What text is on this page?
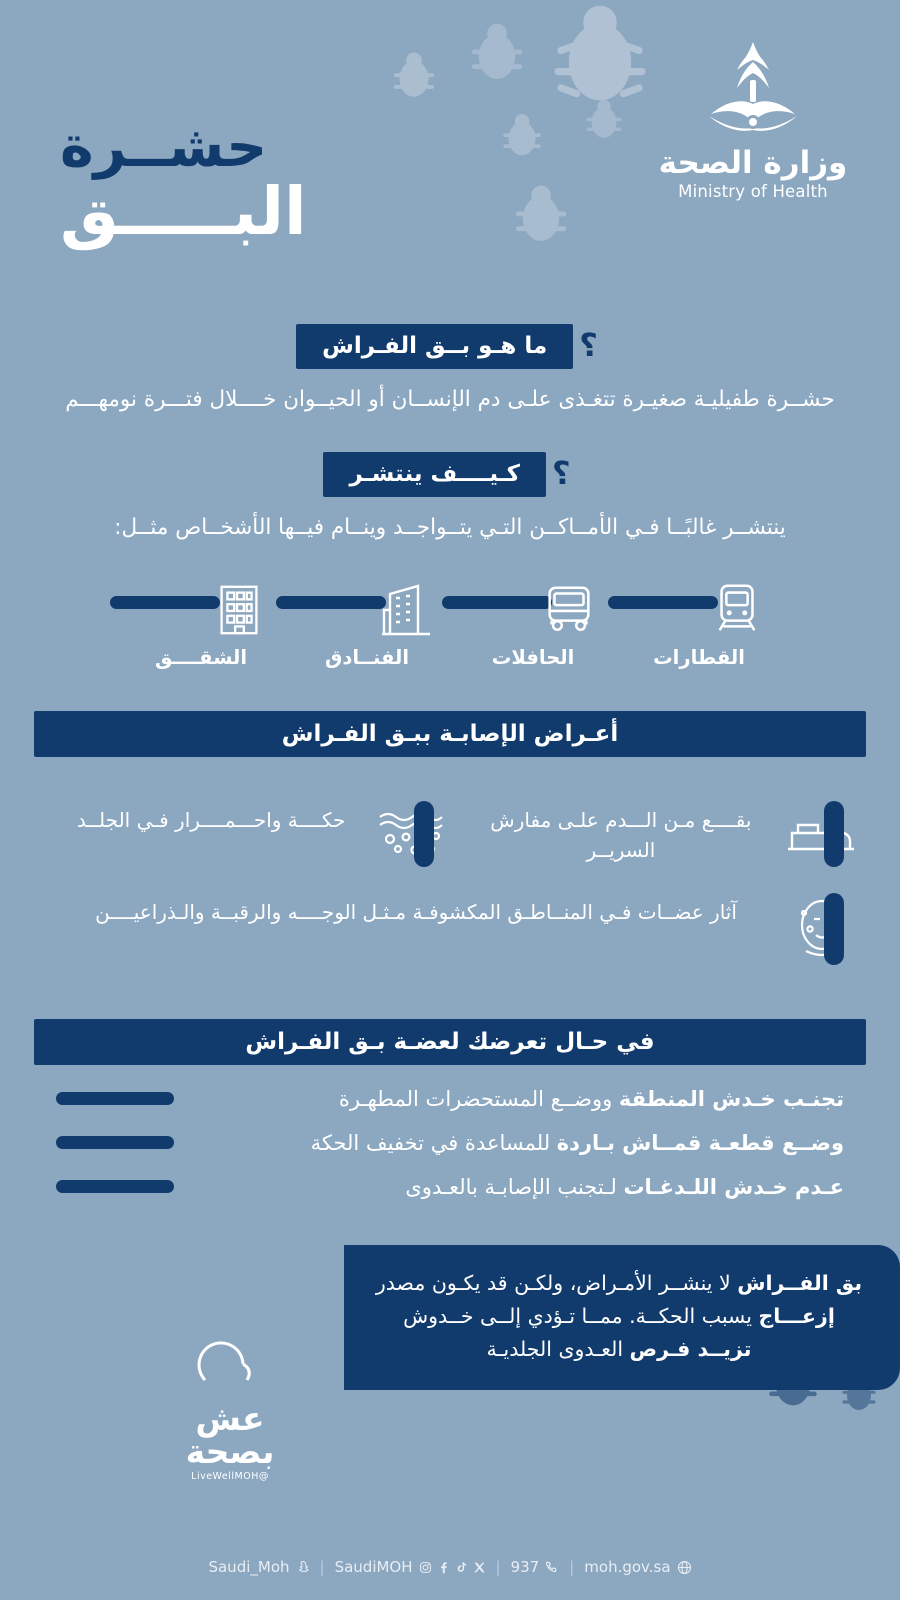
وزارة الصحة
Ministry of Health
حشــرة
البـــــق
؟ما هـو بــق الفـراش
حشــرة طفيليـة صغيـرة تتغـذى علـى دم الإنســان أو الحيــوان خــــلال فتـــرة نومهـــم
؟كـيــــف ينتشـر
ينتشــر غالبًــا فـي الأمــاكــن التـي يتــواجــد وينــام فيــها الأشخــاص مثــل:
القطارات
الحافلات
الفنــادق
الشقــــق
أعـراض الإصابـة ببـق الفـراش
بقــــع مـن الـــدم علـى مفارش السريــر
حكــــة واحـــمــــرار فـي الجلــد
آثار عضــات فـي المنــاطـق المكشوفـة مـثـل الوجــــه والرقبــة والـذراعيــــن
في حـال تعرضك لعضـة بـق الفـراش
تجنـب خـدش المنطقة ووضــع المستحضرات المطهـرة
وضــع قطعـة قمــاش بـاردة للمساعدة في تخفيف الحكة
عـدم خـدش اللـدغـات لـتجنب الإصابـة بالعـدوى
بق الفــراش لا ينشــر الأمـراض، ولكـن قد يكـون مصدر إزعـــاج يسبب الحكــة. ممــا تـؤدي إلــى خــدوش تزيــد فـرص العـدوى الجلديـة
عش بصحة
@LiveWellMOH
moh.gov.sa
|
937
|
SaudiMOH
|
Saudi_Moh
